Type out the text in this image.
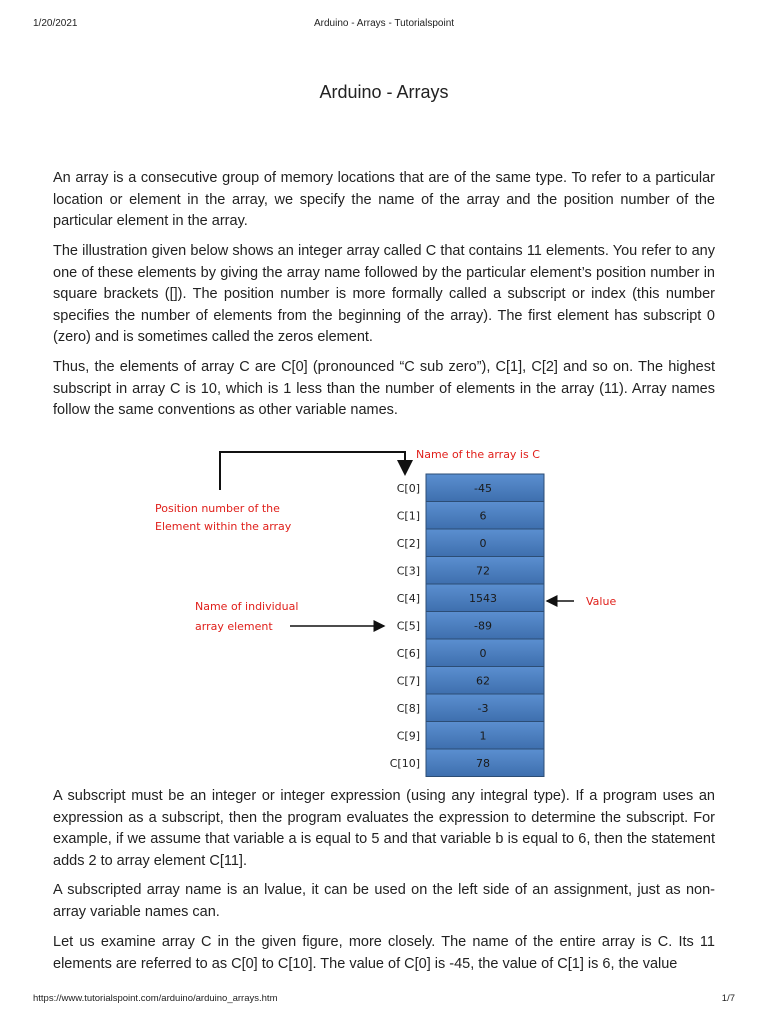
1/20/2021	Arduino - Arrays - Tutorialspoint
Arduino - Arrays

An array is a consecutive group of memory locations that are of the same type. To refer to a particular location or element in the array, we specify the name of the array and the position number of the particular element in the array.

The illustration given below shows an integer array called C that contains 11 elements. You refer to any one of these elements by giving the array name followed by the particular element’s position number in square brackets ([]). The position number is more formally called a subscript or index (this number specifies the number of elements from the beginning of the array). The first element has subscript 0 (zero) and is sometimes called the zeros element.

Thus, the elements of array C are C[0] (pronounced “C sub zero”), C[1], C[2] and so on. The highest subscript in array C is 10, which is 1 less than the number of elements in the array (11). Array names follow the same conventions as other variable names.

Name of the array is C
Position number of the
Element within the array
Name of individual
array element
Value
C[0]	-45
C[1]	6
C[2]	0
C[3]	72
C[4]	1543
C[5]	-89
C[6]	0
C[7]	62
C[8]	-3
C[9]	1
C[10]	78

A subscript must be an integer or integer expression (using any integral type). If a program uses an expression as a subscript, then the program evaluates the expression to determine the subscript. For example, if we assume that variable a is equal to 5 and that variable b is equal to 6, then the statement adds 2 to array element C[11].

A subscripted array name is an lvalue, it can be used on the left side of an assignment, just as non-array variable names can.

Let us examine array C in the given figure, more closely. The name of the entire array is C. Its 11 elements are referred to as C[0] to C[10]. The value of C[0] is -45, the value of C[1] is 6, the value

https://www.tutorialspoint.com/arduino/arduino_arrays.htm	1/7
